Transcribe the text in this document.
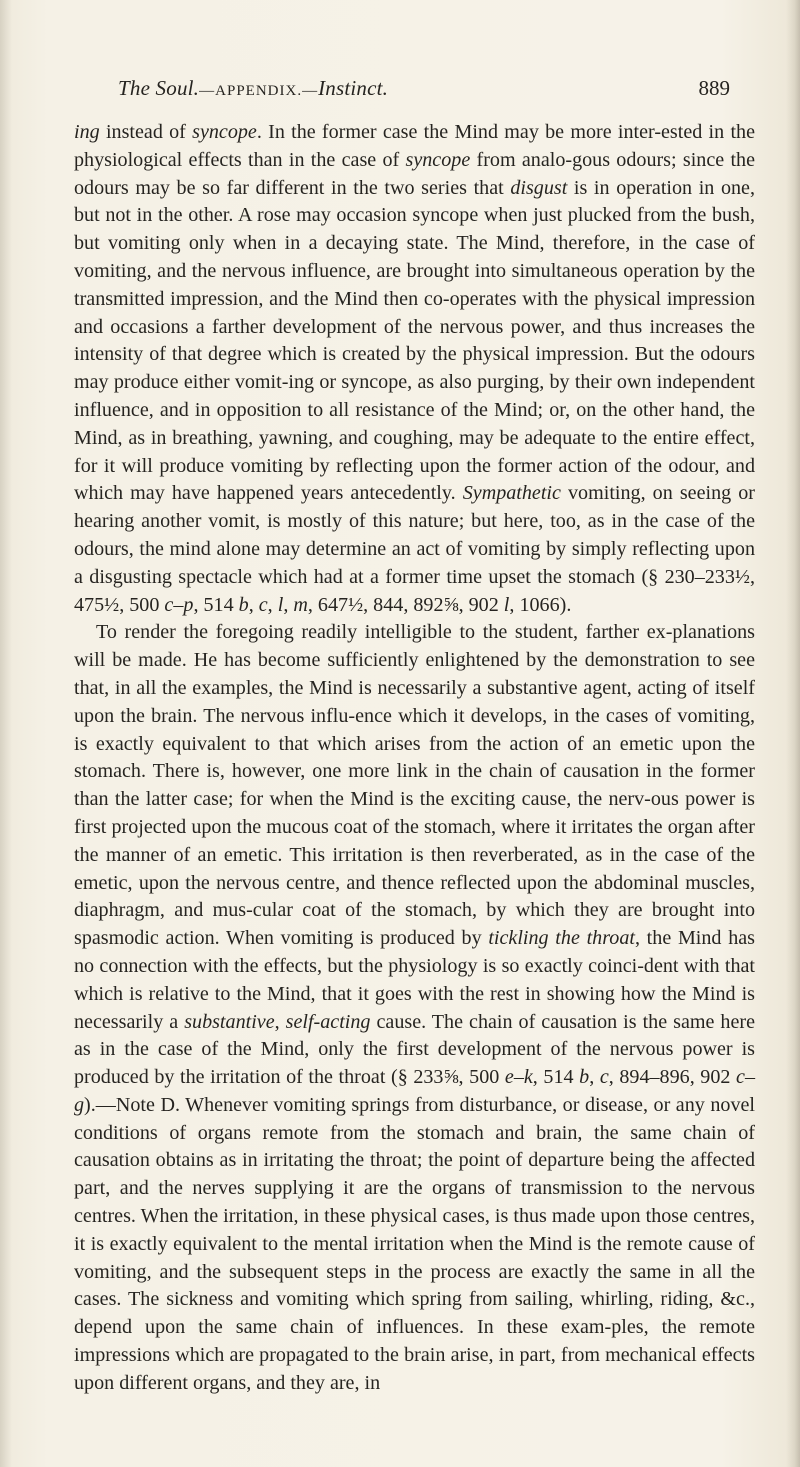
The Soul.—APPENDIX.—Instinct.	889

ing instead of syncope. In the former case the Mind may be more inter-ested in the physiological effects than in the case of syncope from analo-gous odours; since the odours may be so far different in the two series that disgust is in operation in one, but not in the other. A rose may occasion syncope when just plucked from the bush, but vomiting only when in a decaying state. The Mind, therefore, in the case of vomiting, and the nervous influence, are brought into simultaneous operation by the transmitted impression, and the Mind then co-operates with the physical impression and occasions a farther development of the nervous power, and thus increases the intensity of that degree which is created by the physical impression. But the odours may produce either vomit-ing or syncope, as also purging, by their own independent influence, and in opposition to all resistance of the Mind; or, on the other hand, the Mind, as in breathing, yawning, and coughing, may be adequate to the entire effect, for it will produce vomiting by reflecting upon the former action of the odour, and which may have happened years antecedently. Sympathetic vomiting, on seeing or hearing another vomit, is mostly of this nature; but here, too, as in the case of the odours, the mind alone may determine an act of vomiting by simply reflecting upon a disgusting spectacle which had at a former time upset the stomach (§ 230–233½, 475½, 500 c–p, 514 b, c, l, m, 647½, 844, 892⅝, 902 l, 1066).

To render the foregoing readily intelligible to the student, farther ex-planations will be made. He has become sufficiently enlightened by the demonstration to see that, in all the examples, the Mind is necessarily a substantive agent, acting of itself upon the brain. The nervous influ-ence which it develops, in the cases of vomiting, is exactly equivalent to that which arises from the action of an emetic upon the stomach. There is, however, one more link in the chain of causation in the former than the latter case; for when the Mind is the exciting cause, the nerv-ous power is first projected upon the mucous coat of the stomach, where it irritates the organ after the manner of an emetic. This irritation is then reverberated, as in the case of the emetic, upon the nervous centre, and thence reflected upon the abdominal muscles, diaphragm, and mus-cular coat of the stomach, by which they are brought into spasmodic action. When vomiting is produced by tickling the throat, the Mind has no connection with the effects, but the physiology is so exactly coinci-dent with that which is relative to the Mind, that it goes with the rest in showing how the Mind is necessarily a substantive, self-acting cause. The chain of causation is the same here as in the case of the Mind, only the first development of the nervous power is produced by the irritation of the throat (§ 233⅝, 500 e–k, 514 b, c, 894–896, 902 c–g).—Note D. Whenever vomiting springs from disturbance, or disease, or any novel conditions of organs remote from the stomach and brain, the same chain of causation obtains as in irritating the throat; the point of departure being the affected part, and the nerves supplying it are the organs of transmission to the nervous centres. When the irritation, in these physical cases, is thus made upon those centres, it is exactly equivalent to the mental irritation when the Mind is the remote cause of vomiting, and the subsequent steps in the process are exactly the same in all the cases. The sickness and vomiting which spring from sailing, whirling, riding, &c., depend upon the same chain of influences. In these exam-ples, the remote impressions which are propagated to the brain arise, in part, from mechanical effects upon different organs, and they are, in
